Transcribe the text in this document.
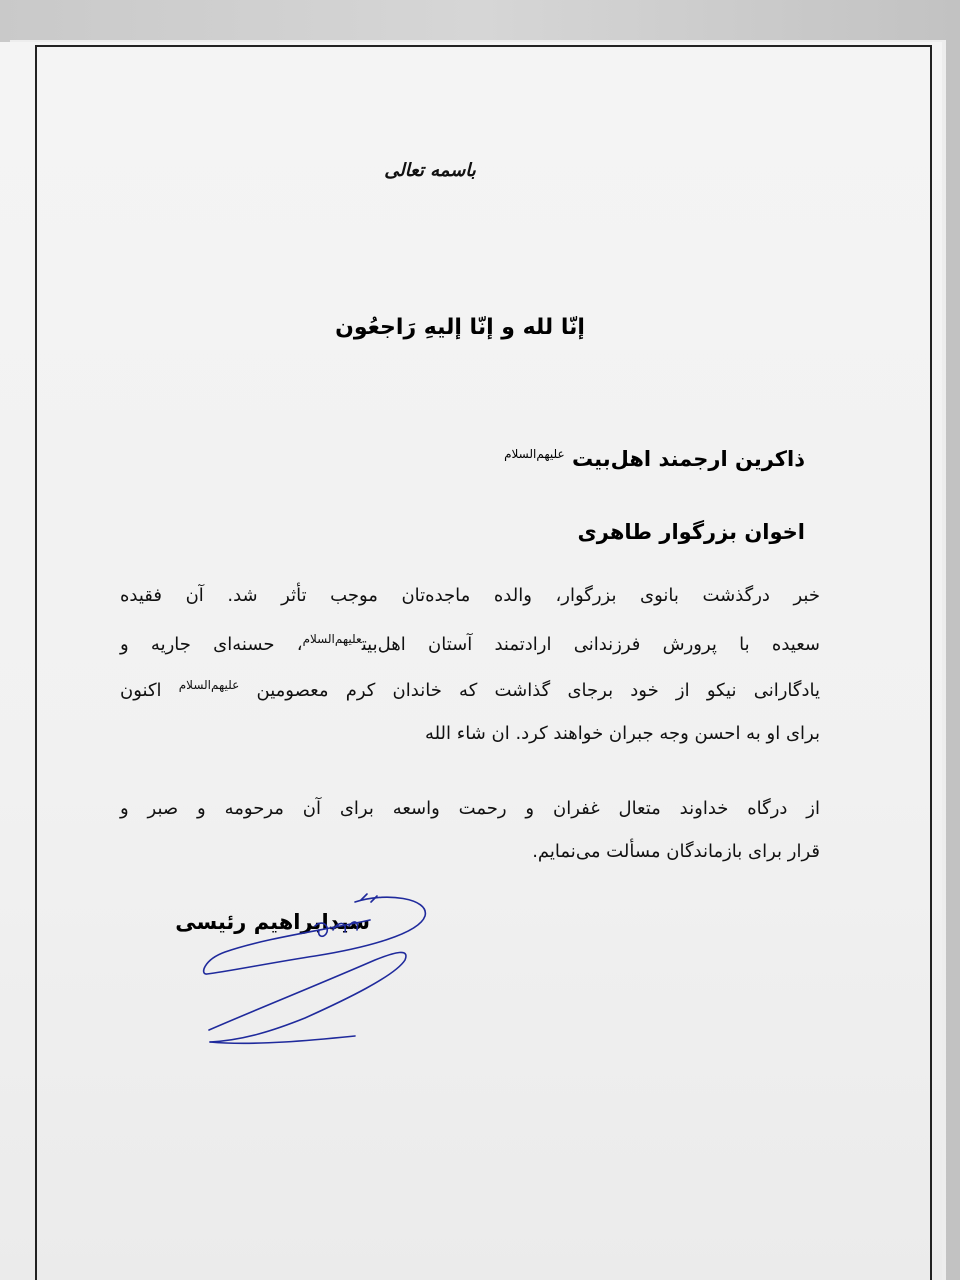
باسمه تعالی
إنّا لله و إنّا إلیهِ رَاجعُون
ذاکرین ارجمند اهل‌بیت $^{علیهم‌السلام}$
اخوان بزرگوار طاهری
خبر درگذشت بانوی بزرگوار، والده ماجده‌تان موجب تأثر شد. آن فقیده
سعیده با پرورش فرزندانی ارادتمند آستان اهل‌بیت$^{علیهم‌السلام}$، حسنه‌ای جاریه و
یادگارانی نیکو از خود برجای گذاشت که خاندان کرم معصومین $^{علیهم‌السلام}$ اکنون
برای او به احسن وجه جبران خواهند کرد. ان شاء الله
از درگاه خداوند متعال غفران و رحمت واسعه برای آن مرحومه و صبر و
قرار برای بازماندگان مسألت می‌نمایم.
سیدابراهیم رئیسی
